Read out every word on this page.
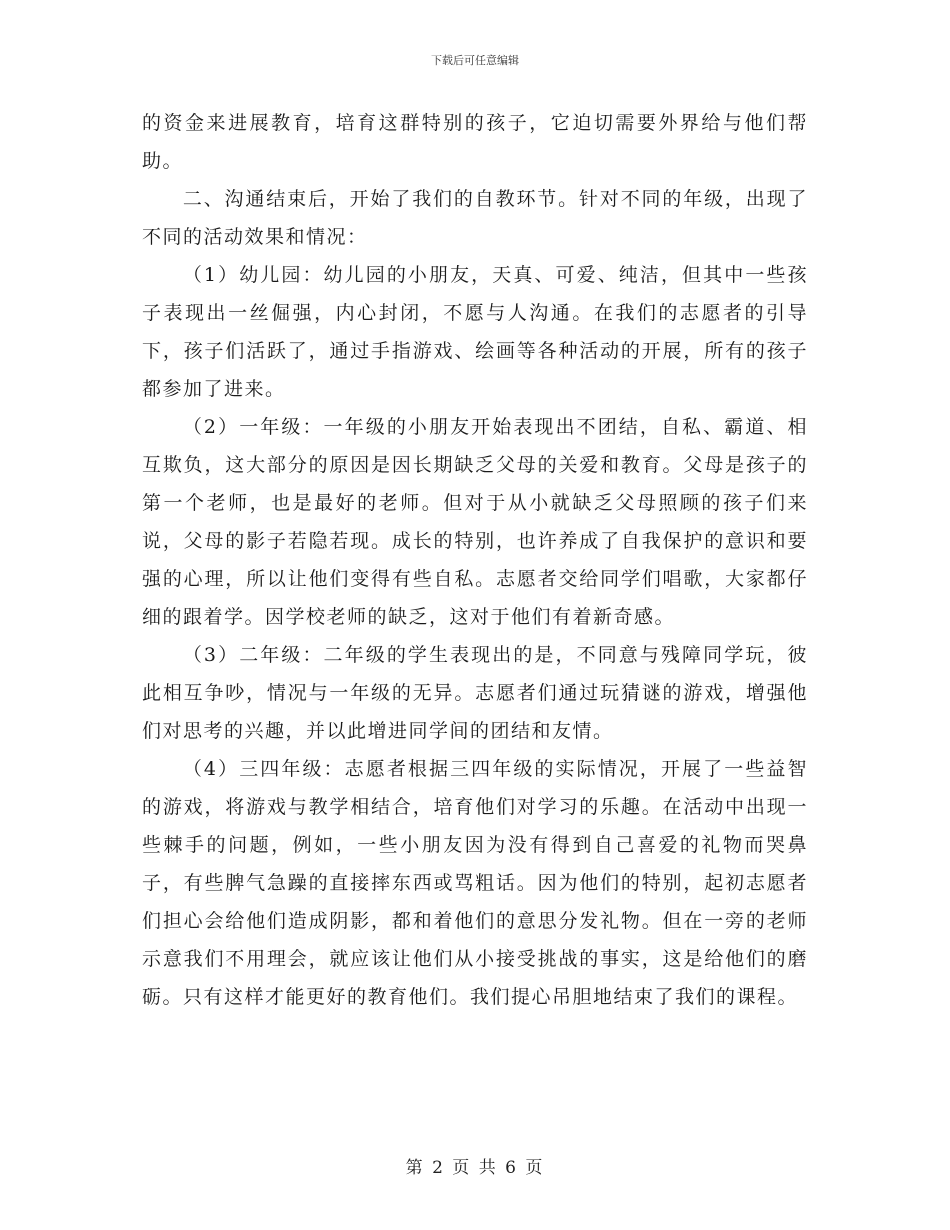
下载后可任意编辑

的资金来进展教育，培育这群特别的孩子，它迫切需要外界给与他们帮助。

二、沟通结束后，开始了我们的自教环节。针对不同的年级，出现了不同的活动效果和情况：

（1）幼儿园：幼儿园的小朋友，天真、可爱、纯洁，但其中一些孩子表现出一丝倔强，内心封闭，不愿与人沟通。在我们的志愿者的引导下，孩子们活跃了，通过手指游戏、绘画等各种活动的开展，所有的孩子都参加了进来。

（2）一年级：一年级的小朋友开始表现出不团结，自私、霸道、相互欺负，这大部分的原因是因长期缺乏父母的关爱和教育。父母是孩子的第一个老师，也是最好的老师。但对于从小就缺乏父母照顾的孩子们来说，父母的影子若隐若现。成长的特别，也许养成了自我保护的意识和要强的心理，所以让他们变得有些自私。志愿者交给同学们唱歌，大家都仔细的跟着学。因学校老师的缺乏，这对于他们有着新奇感。

（3）二年级：二年级的学生表现出的是，不同意与残障同学玩，彼此相互争吵，情况与一年级的无异。志愿者们通过玩猜谜的游戏，增强他们对思考的兴趣，并以此增进同学间的团结和友情。

（4）三四年级：志愿者根据三四年级的实际情况，开展了一些益智的游戏，将游戏与教学相结合，培育他们对学习的乐趣。在活动中出现一些棘手的问题，例如，一些小朋友因为没有得到自己喜爱的礼物而哭鼻子，有些脾气急躁的直接摔东西或骂粗话。因为他们的特别，起初志愿者们担心会给他们造成阴影，都和着他们的意思分发礼物。但在一旁的老师示意我们不用理会，就应该让他们从小接受挑战的事实，这是给他们的磨砺。只有这样才能更好的教育他们。我们提心吊胆地结束了我们的课程。

第 2 页 共 6 页
